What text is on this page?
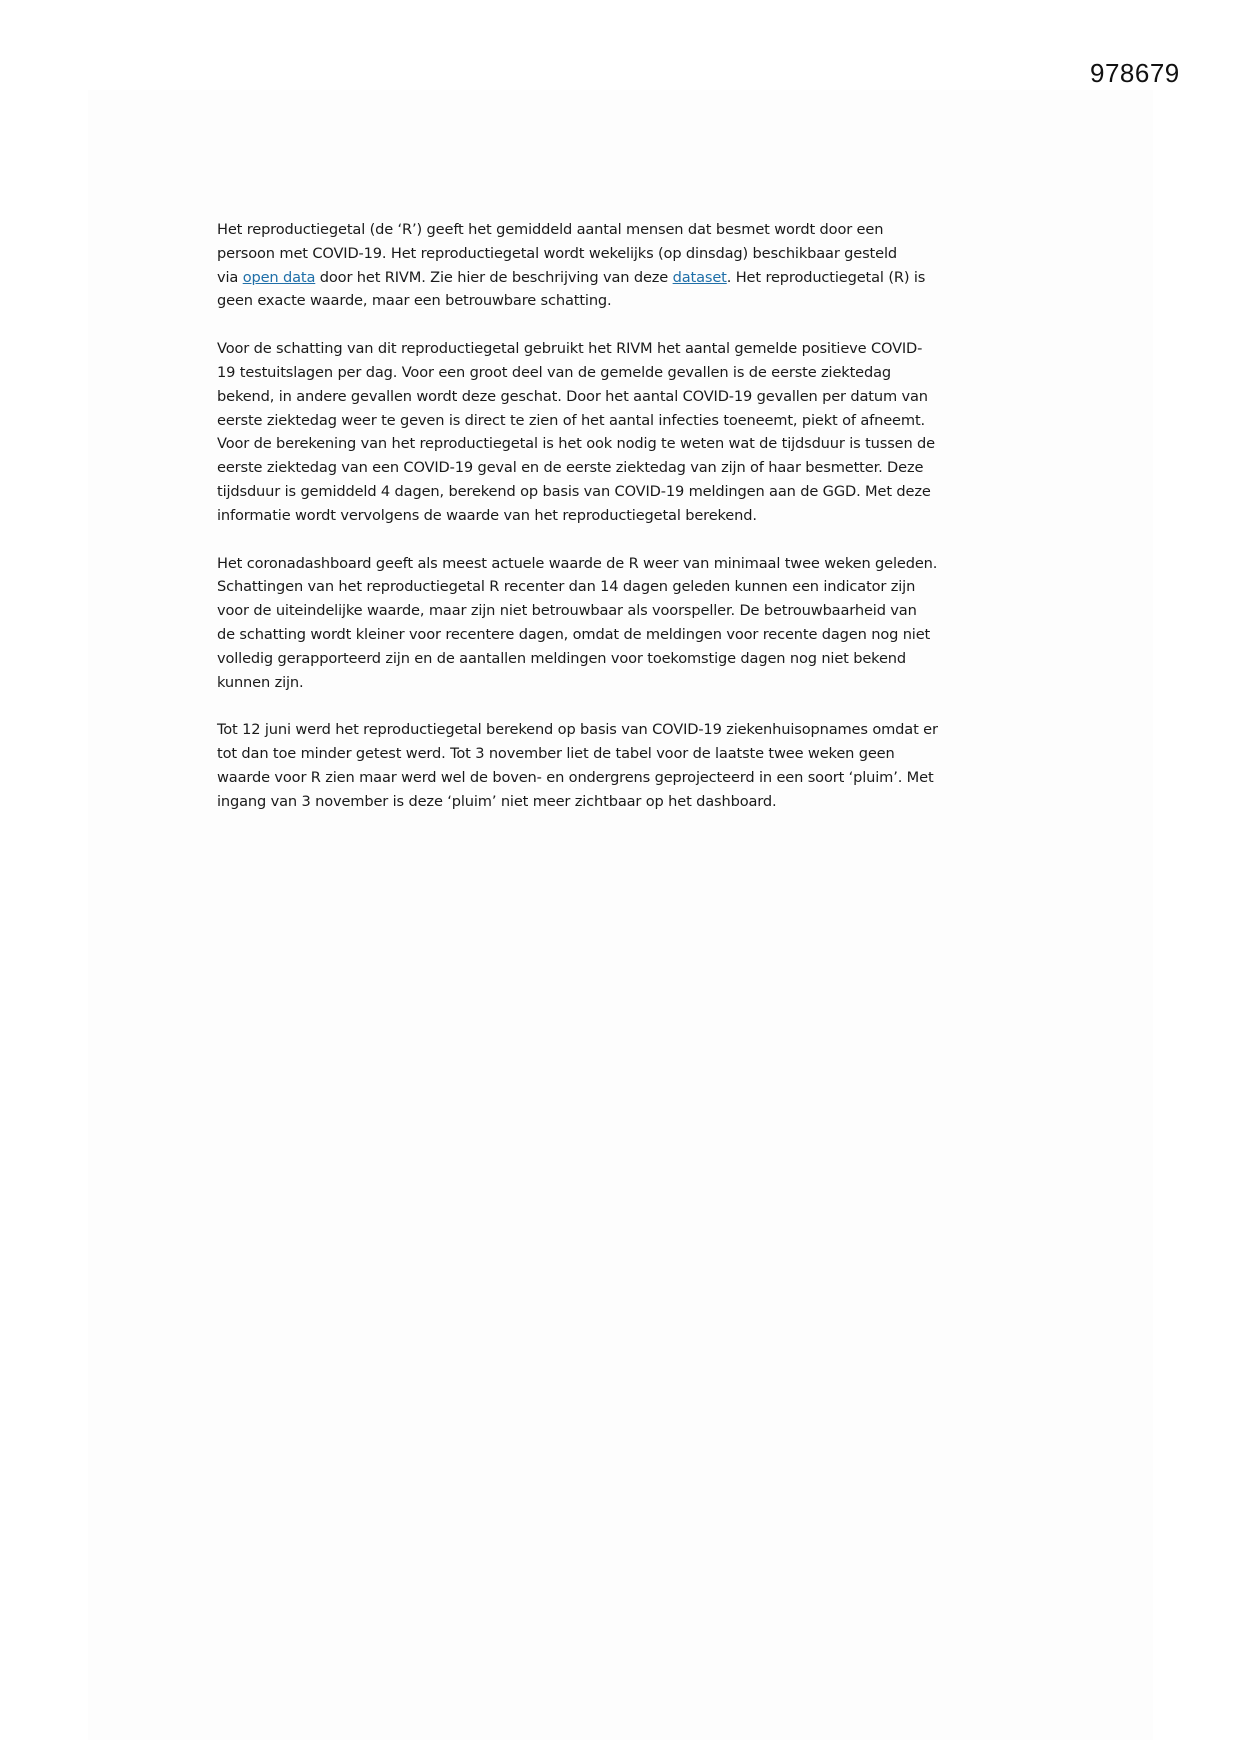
978679

Het reproductiegetal (de ‘R’) geeft het gemiddeld aantal mensen dat besmet wordt door een
persoon met COVID-19. Het reproductiegetal wordt wekelijks (op dinsdag) beschikbaar gesteld
via open data door het RIVM. Zie hier de beschrijving van deze dataset. Het reproductiegetal (R) is
geen exacte waarde, maar een betrouwbare schatting.

Voor de schatting van dit reproductiegetal gebruikt het RIVM het aantal gemelde positieve COVID-
19 testuitslagen per dag. Voor een groot deel van de gemelde gevallen is de eerste ziektedag
bekend, in andere gevallen wordt deze geschat. Door het aantal COVID-19 gevallen per datum van
eerste ziektedag weer te geven is direct te zien of het aantal infecties toeneemt, piekt of afneemt.
Voor de berekening van het reproductiegetal is het ook nodig te weten wat de tijdsduur is tussen de
eerste ziektedag van een COVID-19 geval en de eerste ziektedag van zijn of haar besmetter. Deze
tijdsduur is gemiddeld 4 dagen, berekend op basis van COVID-19 meldingen aan de GGD. Met deze
informatie wordt vervolgens de waarde van het reproductiegetal berekend.

Het coronadashboard geeft als meest actuele waarde de R weer van minimaal twee weken geleden.
Schattingen van het reproductiegetal R recenter dan 14 dagen geleden kunnen een indicator zijn
voor de uiteindelijke waarde, maar zijn niet betrouwbaar als voorspeller. De betrouwbaarheid van
de schatting wordt kleiner voor recentere dagen, omdat de meldingen voor recente dagen nog niet
volledig gerapporteerd zijn en de aantallen meldingen voor toekomstige dagen nog niet bekend
kunnen zijn.

Tot 12 juni werd het reproductiegetal berekend op basis van COVID-19 ziekenhuisopnames omdat er
tot dan toe minder getest werd. Tot 3 november liet de tabel voor de laatste twee weken geen
waarde voor R zien maar werd wel de boven- en ondergrens geprojecteerd in een soort ‘pluim’. Met
ingang van 3 november is deze ‘pluim’ niet meer zichtbaar op het dashboard.
